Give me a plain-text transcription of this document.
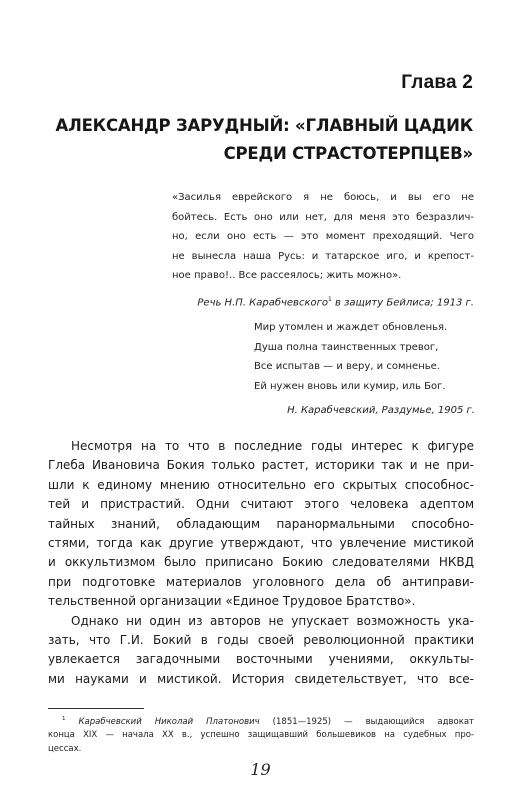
Глава 2
АЛЕКСАНДР ЗАРУДНЫЙ: «ГЛАВНЫЙ ЦАДИК
СРЕДИ СТРАСТОТЕРПЦЕВ»
«Засилья еврейского я не боюсь, и вы его не
бойтесь. Есть оно или нет, для меня это безразлич-
но, если оно есть — это момент преходящий. Чего
не вынесла наша Русь: и татарское иго, и крепост-
ное право!.. Все рассеялось; жить можно».
Речь Н.П. Карабчевского$^1$ в защиту Бейлиса; 1913 г.
Мир утомлен и жаждет обновленья.
Душа полна таинственных тревог,
Все испытав — и веру, и сомненье.
Ей нужен вновь или кумир, иль Бог.
Н. Карабчевский, Раздумье, 1905 г.
Несмотря на то что в последние годы интерес к фигуре
Глеба Ивановича Бокия только растет, историки так и не при-
шли к единому мнению относительно его скрытых способнос-
тей и пристрастий. Одни считают этого человека адептом
тайных знаний, обладающим паранормальными способно-
стями, тогда как другие утверждают, что увлечение мистикой
и оккультизмом было приписано Бокию следователями НКВД
при подготовке материалов уголовного дела об антиправи-
тельственной организации «Единое Трудовое Братство».
Однако ни один из авторов не упускает возможность ука-
зать, что Г.И. Бокий в годы своей революционной практики
увлекается загадочными восточными учениями, оккульты-
ми науками и мистикой. История свидетельствует, что все-
$^1$ Карабчевский Николай Платонович (1851—1925) — выдающийся адвокат
конца XIX — начала XX в., успешно защищавший большевиков на судебных про-
цессах.
19
